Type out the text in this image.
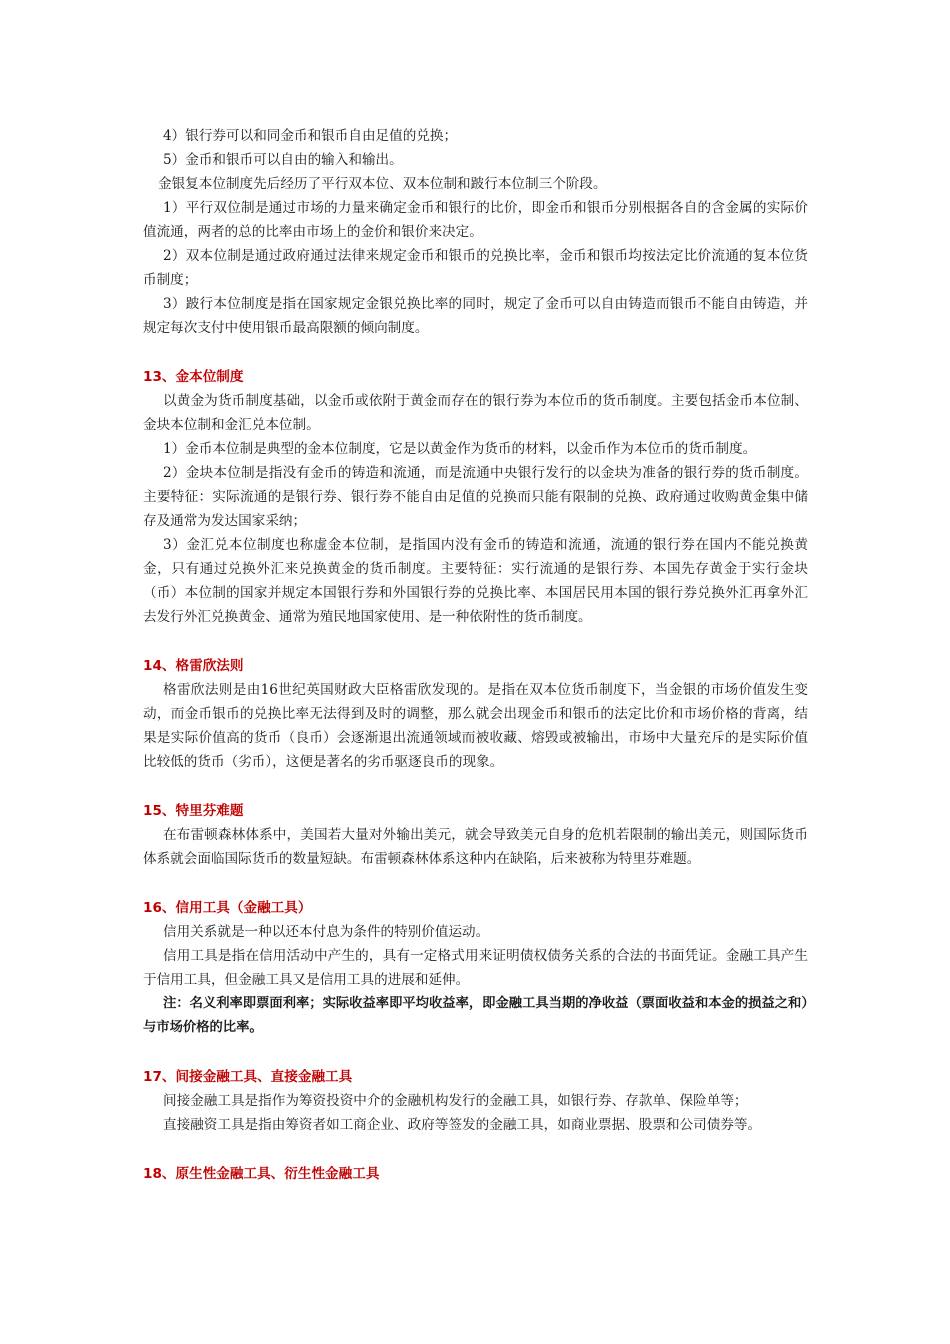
4）银行券可以和同金币和银币自由足值的兑换；

5）金币和银币可以自由的输入和输出。

金银复本位制度先后经历了平行双本位、双本位制和跛行本位制三个阶段。

1）平行双位制是通过市场的力量来确定金币和银行的比价，即金币和银币分别根据各自的含金属的实际价值流通，两者的总的比率由市场上的金价和银价来决定。

2）双本位制是通过政府通过法律来规定金币和银币的兑换比率，金币和银币均按法定比价流通的复本位货币制度；

3）跛行本位制度是指在国家规定金银兑换比率的同时，规定了金币可以自由铸造而银币不能自由铸造，并规定每次支付中使用银币最高限额的倾向制度。

13、金本位制度

以黄金为货币制度基础，以金币或依附于黄金而存在的银行券为本位币的货币制度。主要包括金币本位制、金块本位制和金汇兑本位制。

1）金币本位制是典型的金本位制度，它是以黄金作为货币的材料，以金币作为本位币的货币制度。

2）金块本位制是指没有金币的铸造和流通，而是流通中央银行发行的以金块为准备的银行券的货币制度。主要特征：实际流通的是银行券、银行券不能自由足值的兑换而只能有限制的兑换、政府通过收购黄金集中储存及通常为发达国家采纳；

3）金汇兑本位制度也称虚金本位制，是指国内没有金币的铸造和流通，流通的银行券在国内不能兑换黄金，只有通过兑换外汇来兑换黄金的货币制度。主要特征：实行流通的是银行券、本国先存黄金于实行金块（币）本位制的国家并规定本国银行券和外国银行券的兑换比率、本国居民用本国的银行券兑换外汇再拿外汇去发行外汇兑换黄金、通常为殖民地国家使用、是一种依附性的货币制度。

14、格雷欣法则

格雷欣法则是由16世纪英国财政大臣格雷欣发现的。是指在双本位货币制度下，当金银的市场价值发生变动，而金币银币的兑换比率无法得到及时的调整，那么就会出现金币和银币的法定比价和市场价格的背离，结果是实际价值高的货币（良币）会逐渐退出流通领域而被收藏、熔毁或被输出，市场中大量充斥的是实际价值比较低的货币（劣币），这便是著名的劣币驱逐良币的现象。

15、特里芬难题

在布雷顿森林体系中，美国若大量对外输出美元，就会导致美元自身的危机若限制的输出美元，则国际货币体系就会面临国际货币的数量短缺。布雷顿森林体系这种内在缺陷，后来被称为特里芬难题。

16、信用工具（金融工具）

信用关系就是一种以还本付息为条件的特别价值运动。

信用工具是指在信用活动中产生的，具有一定格式用来证明债权债务关系的合法的书面凭证。金融工具产生于信用工具，但金融工具又是信用工具的进展和延伸。

注：名义利率即票面利率；实际收益率即平均收益率，即金融工具当期的净收益（票面收益和本金的损益之和）与市场价格的比率。

17、间接金融工具、直接金融工具

间接金融工具是指作为筹资投资中介的金融机构发行的金融工具，如银行券、存款单、保险单等；

直接融资工具是指由筹资者如工商企业、政府等签发的金融工具，如商业票据、股票和公司债券等。

18、原生性金融工具、衍生性金融工具
